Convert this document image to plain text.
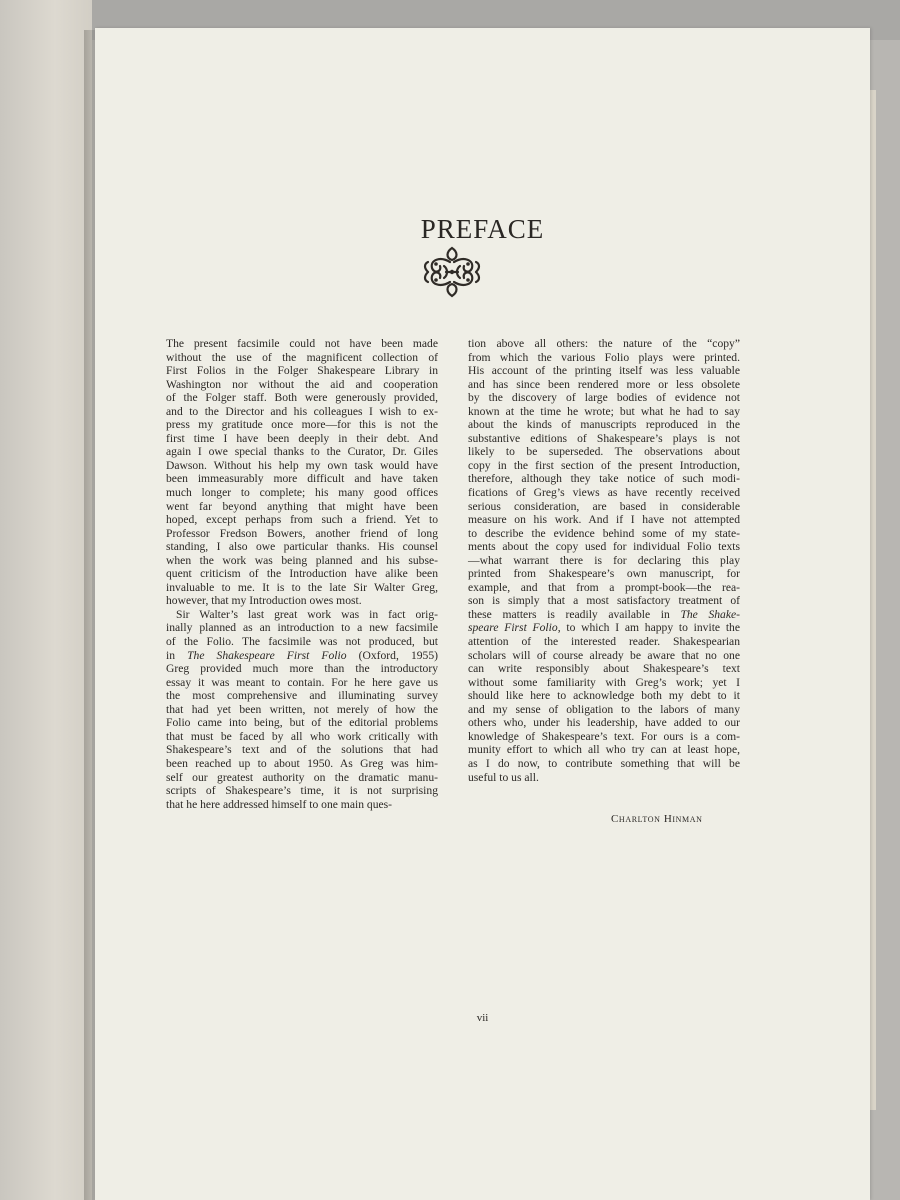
PREFACE
The present facsimile could not have been made
without the use of the magnificent collection of
First Folios in the Folger Shakespeare Library in
Washington nor without the aid and cooperation
of the Folger staff. Both were generously provided,
and to the Director and his colleagues I wish to ex-
press my gratitude once more—for this is not the
first time I have been deeply in their debt. And
again I owe special thanks to the Curator, Dr. Giles
Dawson. Without his help my own task would have
been immeasurably more difficult and have taken
much longer to complete; his many good offices
went far beyond anything that might have been
hoped, except perhaps from such a friend. Yet to
Professor Fredson Bowers, another friend of long
standing, I also owe particular thanks. His counsel
when the work was being planned and his subse-
quent criticism of the Introduction have alike been
invaluable to me. It is to the late Sir Walter Greg,
however, that my Introduction owes most.
Sir Walter’s last great work was in fact orig-
inally planned as an introduction to a new facsimile
of the Folio. The facsimile was not produced, but
in The Shakespeare First Folio (Oxford, 1955)
Greg provided much more than the introductory
essay it was meant to contain. For he here gave us
the most comprehensive and illuminating survey
that had yet been written, not merely of how the
Folio came into being, but of the editorial problems
that must be faced by all who work critically with
Shakespeare’s text and of the solutions that had
been reached up to about 1950. As Greg was him-
self our greatest authority on the dramatic manu-
scripts of Shakespeare’s time, it is not surprising
that he here addressed himself to one main ques-
tion above all others: the nature of the “copy”
from which the various Folio plays were printed.
His account of the printing itself was less valuable
and has since been rendered more or less obsolete
by the discovery of large bodies of evidence not
known at the time he wrote; but what he had to say
about the kinds of manuscripts reproduced in the
substantive editions of Shakespeare’s plays is not
likely to be superseded. The observations about
copy in the first section of the present Introduction,
therefore, although they take notice of such modi-
fications of Greg’s views as have recently received
serious consideration, are based in considerable
measure on his work. And if I have not attempted
to describe the evidence behind some of my state-
ments about the copy used for individual Folio texts
—what warrant there is for declaring this play
printed from Shakespeare’s own manuscript, for
example, and that from a prompt-book—the rea-
son is simply that a most satisfactory treatment of
these matters is readily available in The Shake-
speare First Folio, to which I am happy to invite the
attention of the interested reader. Shakespearian
scholars will of course already be aware that no one
can write responsibly about Shakespeare’s text
without some familiarity with Greg’s work; yet I
should like here to acknowledge both my debt to it
and my sense of obligation to the labors of many
others who, under his leadership, have added to our
knowledge of Shakespeare’s text. For ours is a com-
munity effort to which all who try can at least hope,
as I do now, to contribute something that will be
useful to us all.
Charlton Hinman
vii
